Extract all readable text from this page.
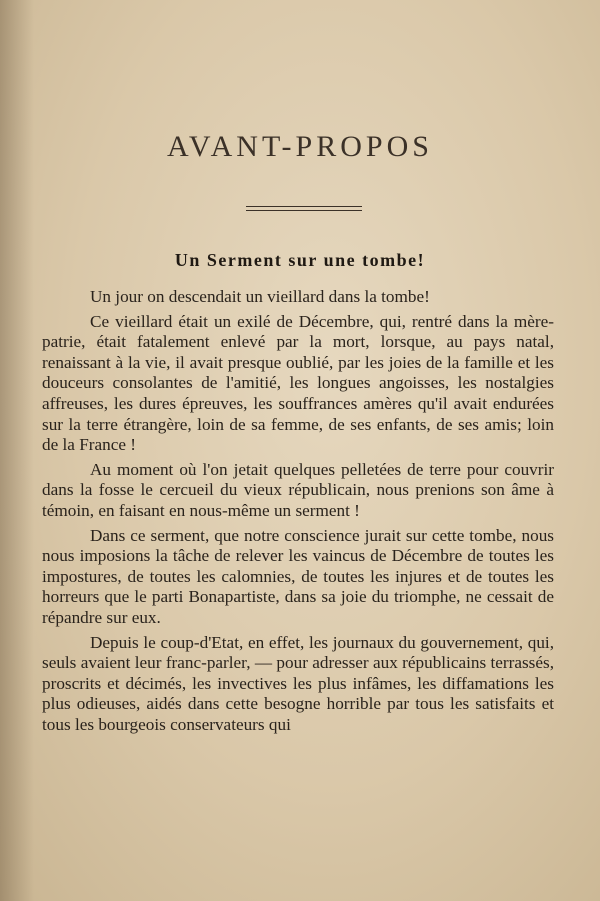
AVANT-PROPOS
Un Serment sur une tombe!

Un jour on descendait un vieillard dans la tombe!

Ce vieillard était un exilé de Décembre, qui, rentré dans la mère-patrie, était fatalement enlevé par la mort, lorsque, au pays natal, renaissant à la vie, il avait presque oublié, par les joies de la famille et les douceurs consolantes de l'amitié, les longues angoisses, les nostalgies affreuses, les dures épreuves, les souffrances amères qu'il avait endurées sur la terre étrangère, loin de sa femme, de ses enfants, de ses amis; loin de la France !

Au moment où l'on jetait quelques pelletées de terre pour couvrir dans la fosse le cercueil du vieux républicain, nous prenions son âme à témoin, en faisant en nous-même un serment !

Dans ce serment, que notre conscience jurait sur cette tombe, nous nous imposions la tâche de relever les vaincus de Décembre de toutes les impostures, de toutes les calomnies, de toutes les injures et de toutes les horreurs que le parti Bonapartiste, dans sa joie du triomphe, ne cessait de répandre sur eux.

Depuis le coup-d'Etat, en effet, les journaux du gouvernement, qui, seuls avaient leur franc-parler, — pour adresser aux républicains terrassés, proscrits et décimés, les invectives les plus infâmes, les diffamations les plus odieuses, aidés dans cette besogne horrible par tous les satisfaits et tous les bourgeois conservateurs qui
